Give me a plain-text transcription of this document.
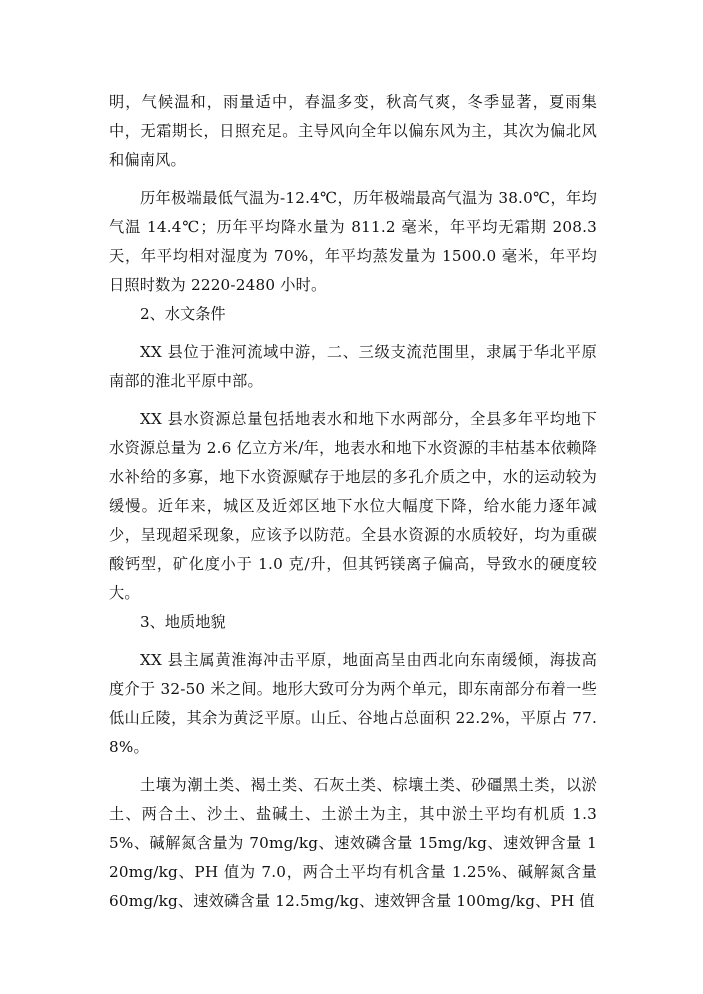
明，气候温和，雨量适中，春温多变，秋高气爽，冬季显著，夏雨集中，无霜期长，日照充足。主导风向全年以偏东风为主，其次为偏北风和偏南风。

历年极端最低气温为-12.4℃，历年极端最高气温为 38.0℃，年均气温 14.4℃；历年平均降水量为 811.2 毫米，年平均无霜期 208.3 天，年平均相对湿度为 70%，年平均蒸发量为 1500.0 毫米，年平均日照时数为 2220-2480 小时。

2、水文条件

XX 县位于淮河流域中游，二、三级支流范围里，隶属于华北平原南部的淮北平原中部。

XX 县水资源总量包括地表水和地下水两部分，全县多年平均地下水资源总量为 2.6 亿立方米/年，地表水和地下水资源的丰枯基本依赖降水补给的多寡，地下水资源赋存于地层的多孔介质之中，水的运动较为缓慢。近年来，城区及近郊区地下水位大幅度下降，给水能力逐年减少，呈现超采现象，应该予以防范。全县水资源的水质较好，均为重碳酸钙型，矿化度小于 1.0 克/升，但其钙镁离子偏高，导致水的硬度较大。

3、地质地貌

XX 县主属黄淮海冲击平原，地面高呈由西北向东南缓倾，海拔高度介于 32-50 米之间。地形大致可分为两个单元，即东南部分布着一些低山丘陵，其余为黄泛平原。山丘、谷地占总面积 22.2%，平原占 77.8%。

土壤为潮土类、褐土类、石灰土类、棕壤土类、砂礓黑土类，以淤土、两合土、沙土、盐碱土、土淤土为主，其中淤土平均有机质 1.35%、碱解氮含量为 70mg/kg、速效磷含量 15mg/kg、速效钾含量 120mg/kg、PH 值为 7.0，两合土平均有机含量 1.25%、碱解氮含量 60mg/kg、速效磷含量 12.5mg/kg、速效钾含量 100mg/kg、PH 值
